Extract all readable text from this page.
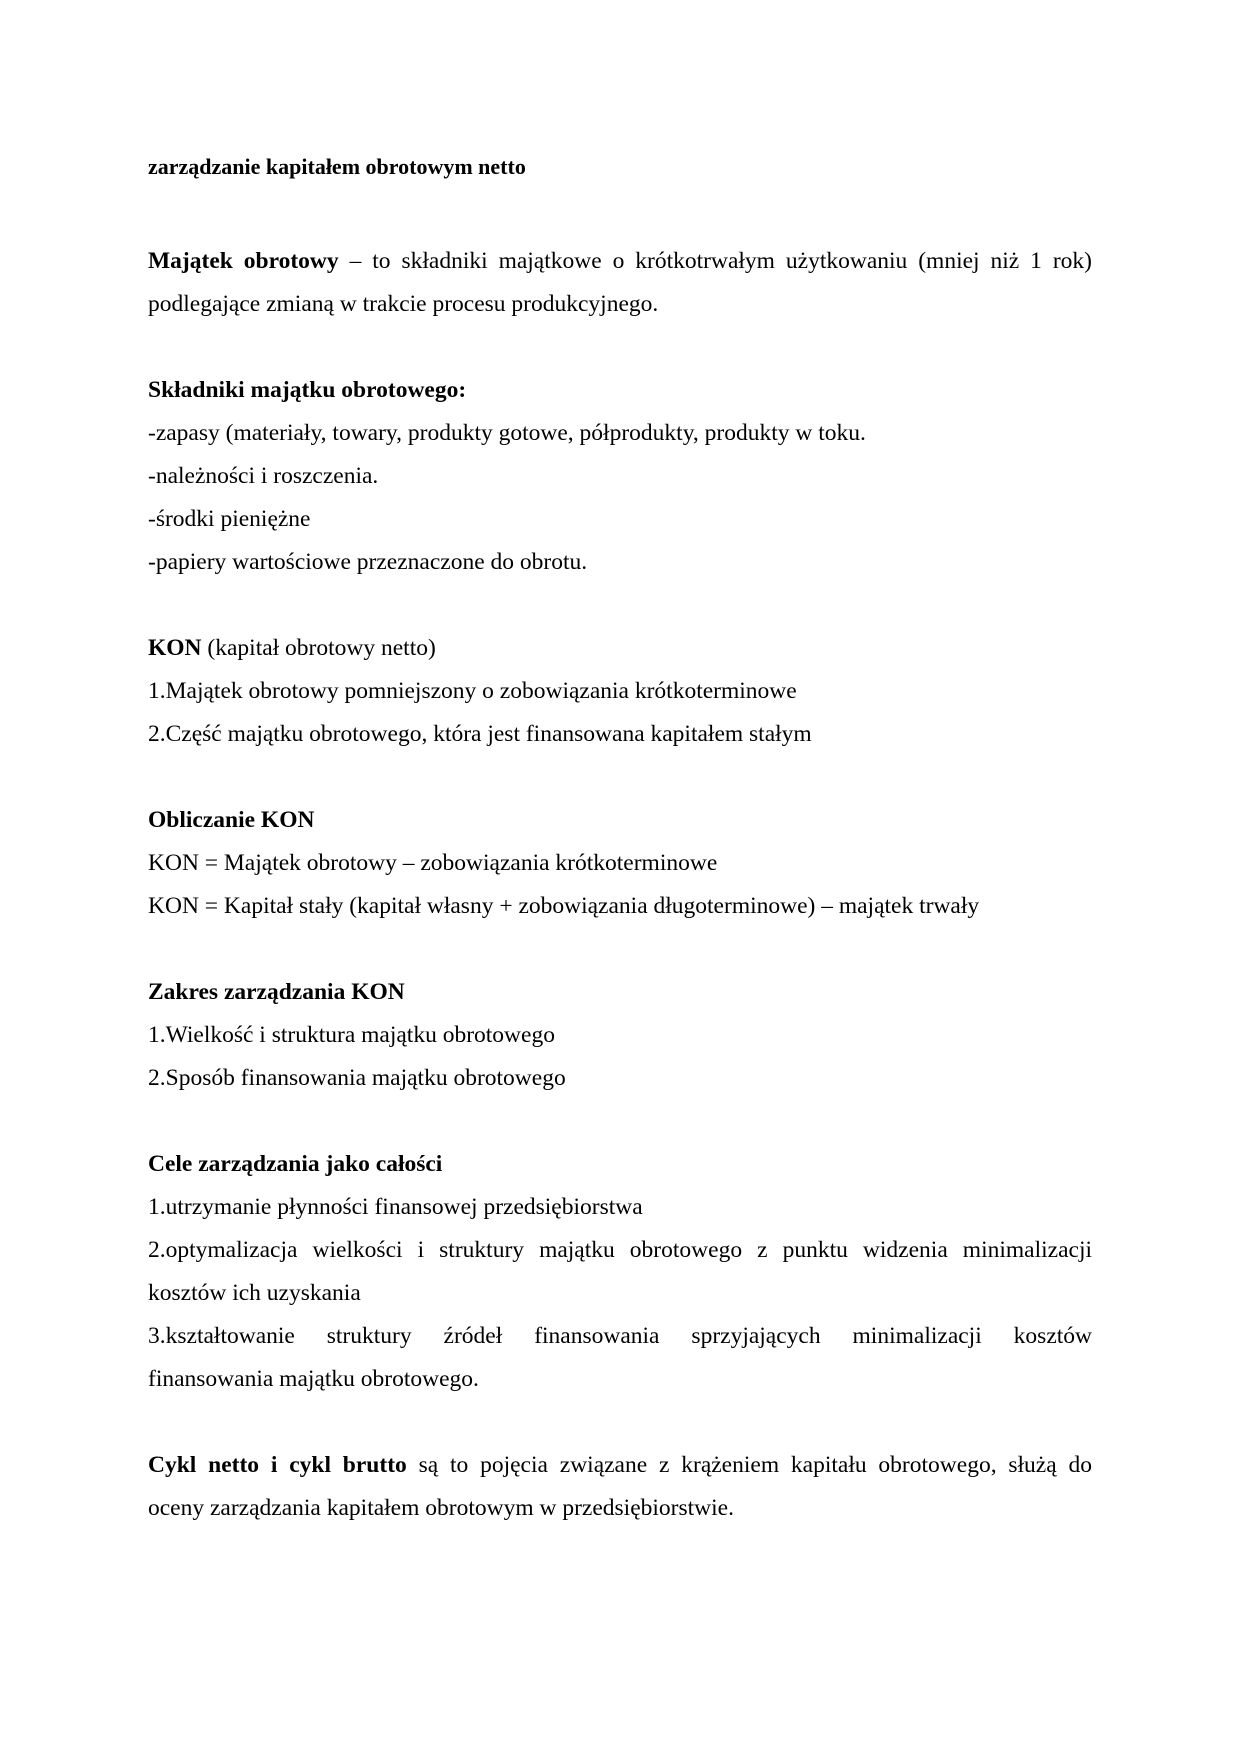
zarządzanie kapitałem obrotowym netto
Majątek obrotowy – to składniki majątkowe o krótkotrwałym użytkowaniu (mniej niż 1 rok)
podlegające zmianą w trakcie procesu produkcyjnego.
Składniki majątku obrotowego:
-zapasy (materiały, towary, produkty gotowe, półprodukty, produkty w toku.
-należności i roszczenia.
-środki pieniężne
-papiery wartościowe przeznaczone do obrotu.
KON (kapitał obrotowy netto)
1.Majątek obrotowy pomniejszony o zobowiązania krótkoterminowe
2.Część majątku obrotowego, która jest finansowana kapitałem stałym
Obliczanie KON
KON = Majątek obrotowy – zobowiązania krótkoterminowe
KON = Kapitał stały (kapitał własny + zobowiązania długoterminowe) – majątek trwały
Zakres zarządzania KON
1.Wielkość i struktura majątku obrotowego
2.Sposób finansowania majątku obrotowego
Cele zarządzania jako całości
1.utrzymanie płynności finansowej przedsiębiorstwa
2.optymalizacja wielkości i struktury majątku obrotowego z punktu widzenia minimalizacji
kosztów ich uzyskania
3.kształtowanie struktury źródeł finansowania sprzyjających minimalizacji kosztów
finansowania majątku obrotowego.
Cykl netto i cykl brutto są to pojęcia związane z krążeniem kapitału obrotowego, służą do
oceny zarządzania kapitałem obrotowym w przedsiębiorstwie.
